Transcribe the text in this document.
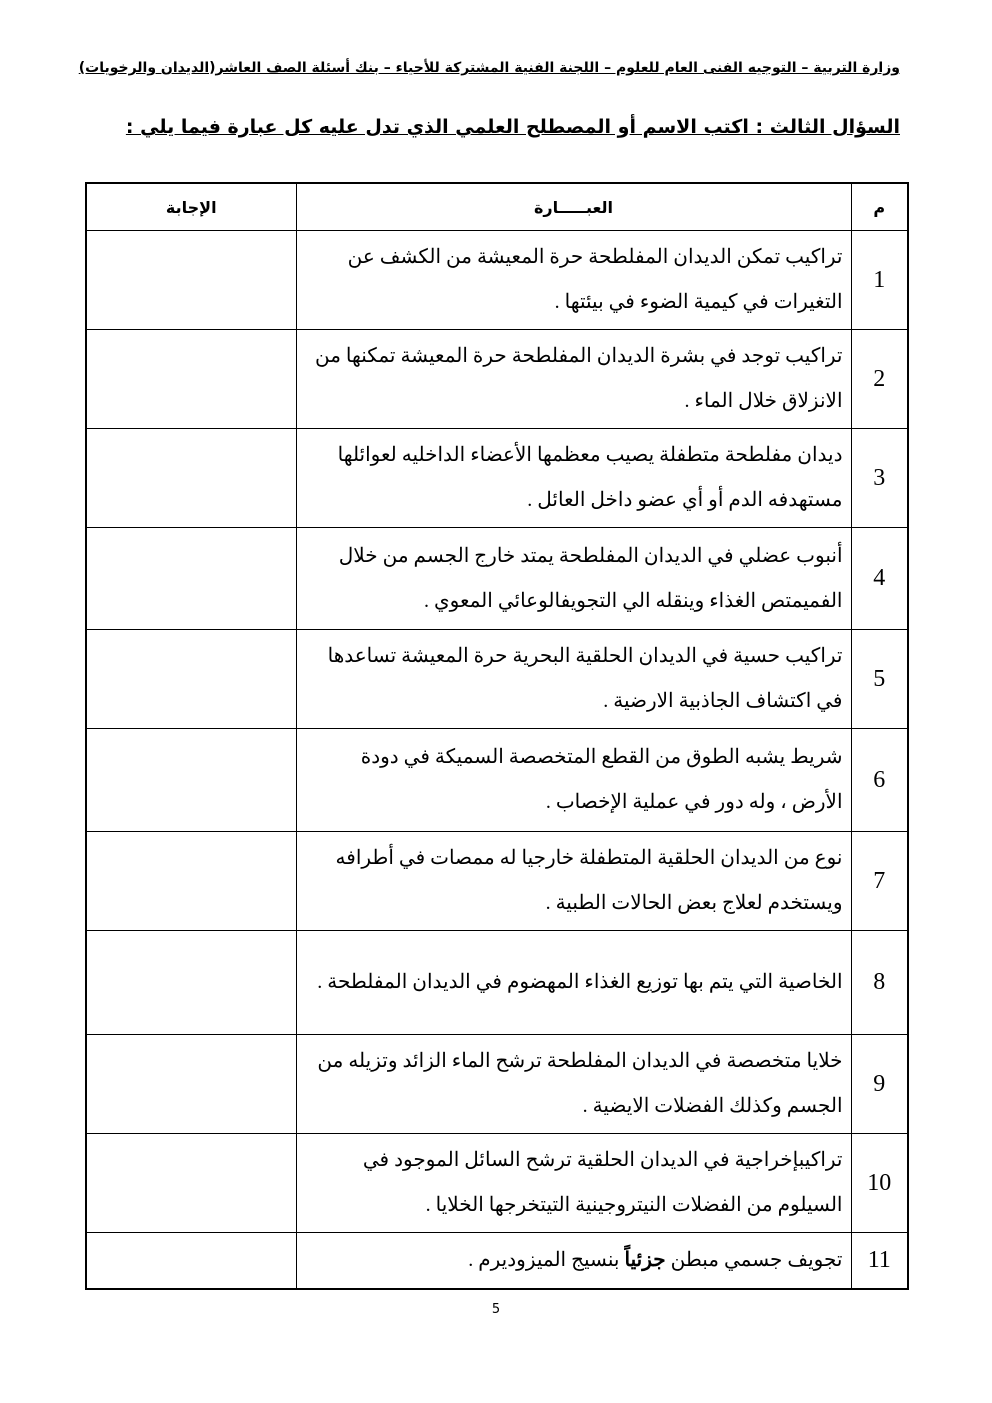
وزارة التربية – التوجيه الفنى العام للعلوم – اللجنة الفنية المشتركة للأحياء – بنك أسئلة الصف العاشر(الديدان والرخويات)
السؤال الثالث : اكتب الاسم أو المصطلح العلمي الذي تدل عليه كل عبارة فيما يلي :
م	العبـــــارة	الإجابة
1	تراكيب تمكن الديدان المفلطحة حرة المعيشة من الكشف عن التغيرات في كيمية الضوء في بيئتها .	
2	تراكيب توجد في بشرة الديدان المفلطحة حرة المعيشة تمكنها من الانزلاق خلال الماء .	
3	ديدان مفلطحة متطفلة يصيب معظمها الأعضاء الداخليه لعوائلها مستهدفه الدم أو أي عضو داخل العائل .	
4	أنبوب عضلي في الديدان المفلطحة يمتد خارج الجسم من خلال الفميمتص الغذاء وينقله الي التجويفالوعائي المعوي .	
5	تراكيب حسية في الديدان الحلقية البحرية حرة المعيشة تساعدها في اكتشاف الجاذبية الارضية .	
6	شريط يشبه الطوق من القطع المتخصصة السميكة في دودة الأرض ، وله دور في عملية الإخصاب .	
7	نوع من الديدان الحلقية المتطفلة خارجيا له ممصات في أطرافه ويستخدم لعلاج بعض الحالات الطبية .	
8	الخاصية التي يتم بها توزيع الغذاء المهضوم في الديدان المفلطحة .	
9	خلايا متخصصة في الديدان المفلطحة ترشح الماء الزائد وتزيله من الجسم وكذلك الفضلات الايضية .	
10	تراكيبإخراجية في الديدان الحلقية ترشح السائل الموجود في السيلوم من الفضلات النيتروجينية التيتخرجها الخلايا .	
11	تجويف جسمي مبطن جزئياً بنسيج الميزوديرم .	
5
